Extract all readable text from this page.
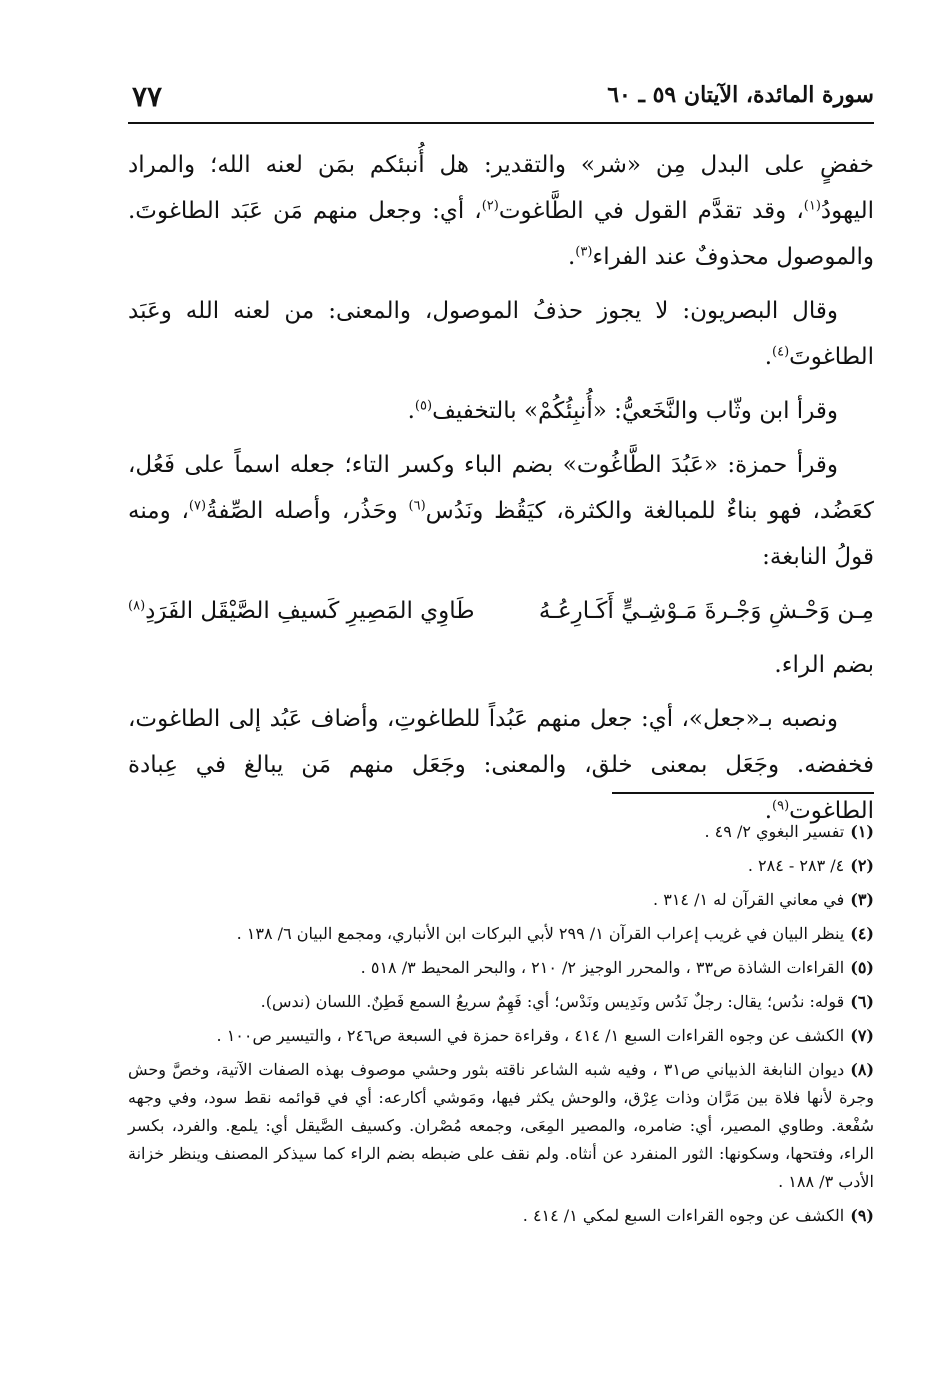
سورة المائدة، الآيتان ٥٩ ـ ٦٠
٧٧

خفضٍ على البدل مِن «شر» والتقدير: هل أُنبئكم بمَن لعنه الله؛ والمراد اليهودُ$^{(١)}$، وقد تقدَّم القول في الطَّاغوت$^{(٢)}$، أي: وجعل منهم مَن عَبَد الطاغوتَ. والموصول محذوفٌ عند الفراء$^{(٣)}$.

وقال البصريون: لا يجوز حذفُ الموصول، والمعنى: من لعنه الله وعَبَد الطاغوتَ$^{(٤)}$.

وقرأ ابن وثّاب والنَّخَعيُّ: «أُنبِئُكُمْ» بالتخفيف$^{(٥)}$.

وقرأ حمزة: «عَبُدَ الطَّاغُوت» بضم الباء وكسر التاء؛ جعله اسماً على فَعُل، كعَضُد، فهو بناءٌ للمبالغة والكثرة، كيَقُظ ونَدُس$^{(٦)}$ وحَذُر، وأصله الصِّفةُ$^{(٧)}$، ومنه قولُ النابغة:

مِـن وَحْـشِ وَجْـرةَ مَـوْشِـيٍّ أَكَـارِعُـهُ
طَاوِي المَصِيرِ كَسيفِ الصَّيْقَل الفَرَدِ$^{(٨)}$

بضم الراء.

ونصبه بـ«جعل»، أي: جعل منهم عَبُداً للطاغوتِ، وأضاف عَبُد إلى الطاغوت، فخفضه. وجَعَل بمعنى خلق، والمعنى: وجَعَل منهم مَن يبالغ في عِبادة الطاغوت$^{(٩)}$.

(١)تفسير البغوي ٢/ ٤٩ .

(٢)٤/ ٢٨٣ - ٢٨٤ .

(٣)في معاني القرآن له ١/ ٣١٤ .

(٤)ينظر البيان في غريب إعراب القرآن ١/ ٢٩٩ لأبي البركات ابن الأنباري، ومجمع البيان ٦/ ١٣٨ .

(٥)القراءات الشاذة ص٣٣ ، والمحرر الوجيز ٢/ ٢١٠ ، والبحر المحيط ٣/ ٥١٨ .

(٦)قوله: ندُس؛ يقال: رجلٌ نَدُس ونَدِيس ونَدْس؛ أي: فَهِمٌ سريعُ السمع فَطِنٌ. اللسان (ندس).

(٧)الكشف عن وجوه القراءات السبع ١/ ٤١٤ ، وقراءة حمزة في السبعة ص٢٤٦ ، والتيسير ص١٠٠ .

(٨)ديوان النابغة الذبياني ص٣١ ، وفيه شبه الشاعر ناقته بثور وحشي موصوف بهذه الصفات الآتية، وخصَّ وحش وجرة لأنها فلاة بين مَرَّان وذات عِرْق، والوحش يكثر فيها، ومَوشي أكارعه: أي في قوائمه نقط سود، وفي وجهه سُفْعة. وطاوي المصير، أي: ضامره، والمصير المِعَى، وجمعه مُصْران. وكسيف الصَّيقل أي: يلمع. والفرد، بكسر الراء، وفتحها، وسكونها: الثور المنفرد عن أنثاه. ولم نقف على ضبطه بضم الراء كما سيذكر المصنف وينظر خزانة الأدب ٣/ ١٨٨ .

(٩)الكشف عن وجوه القراءات السبع لمكي ١/ ٤١٤ .
